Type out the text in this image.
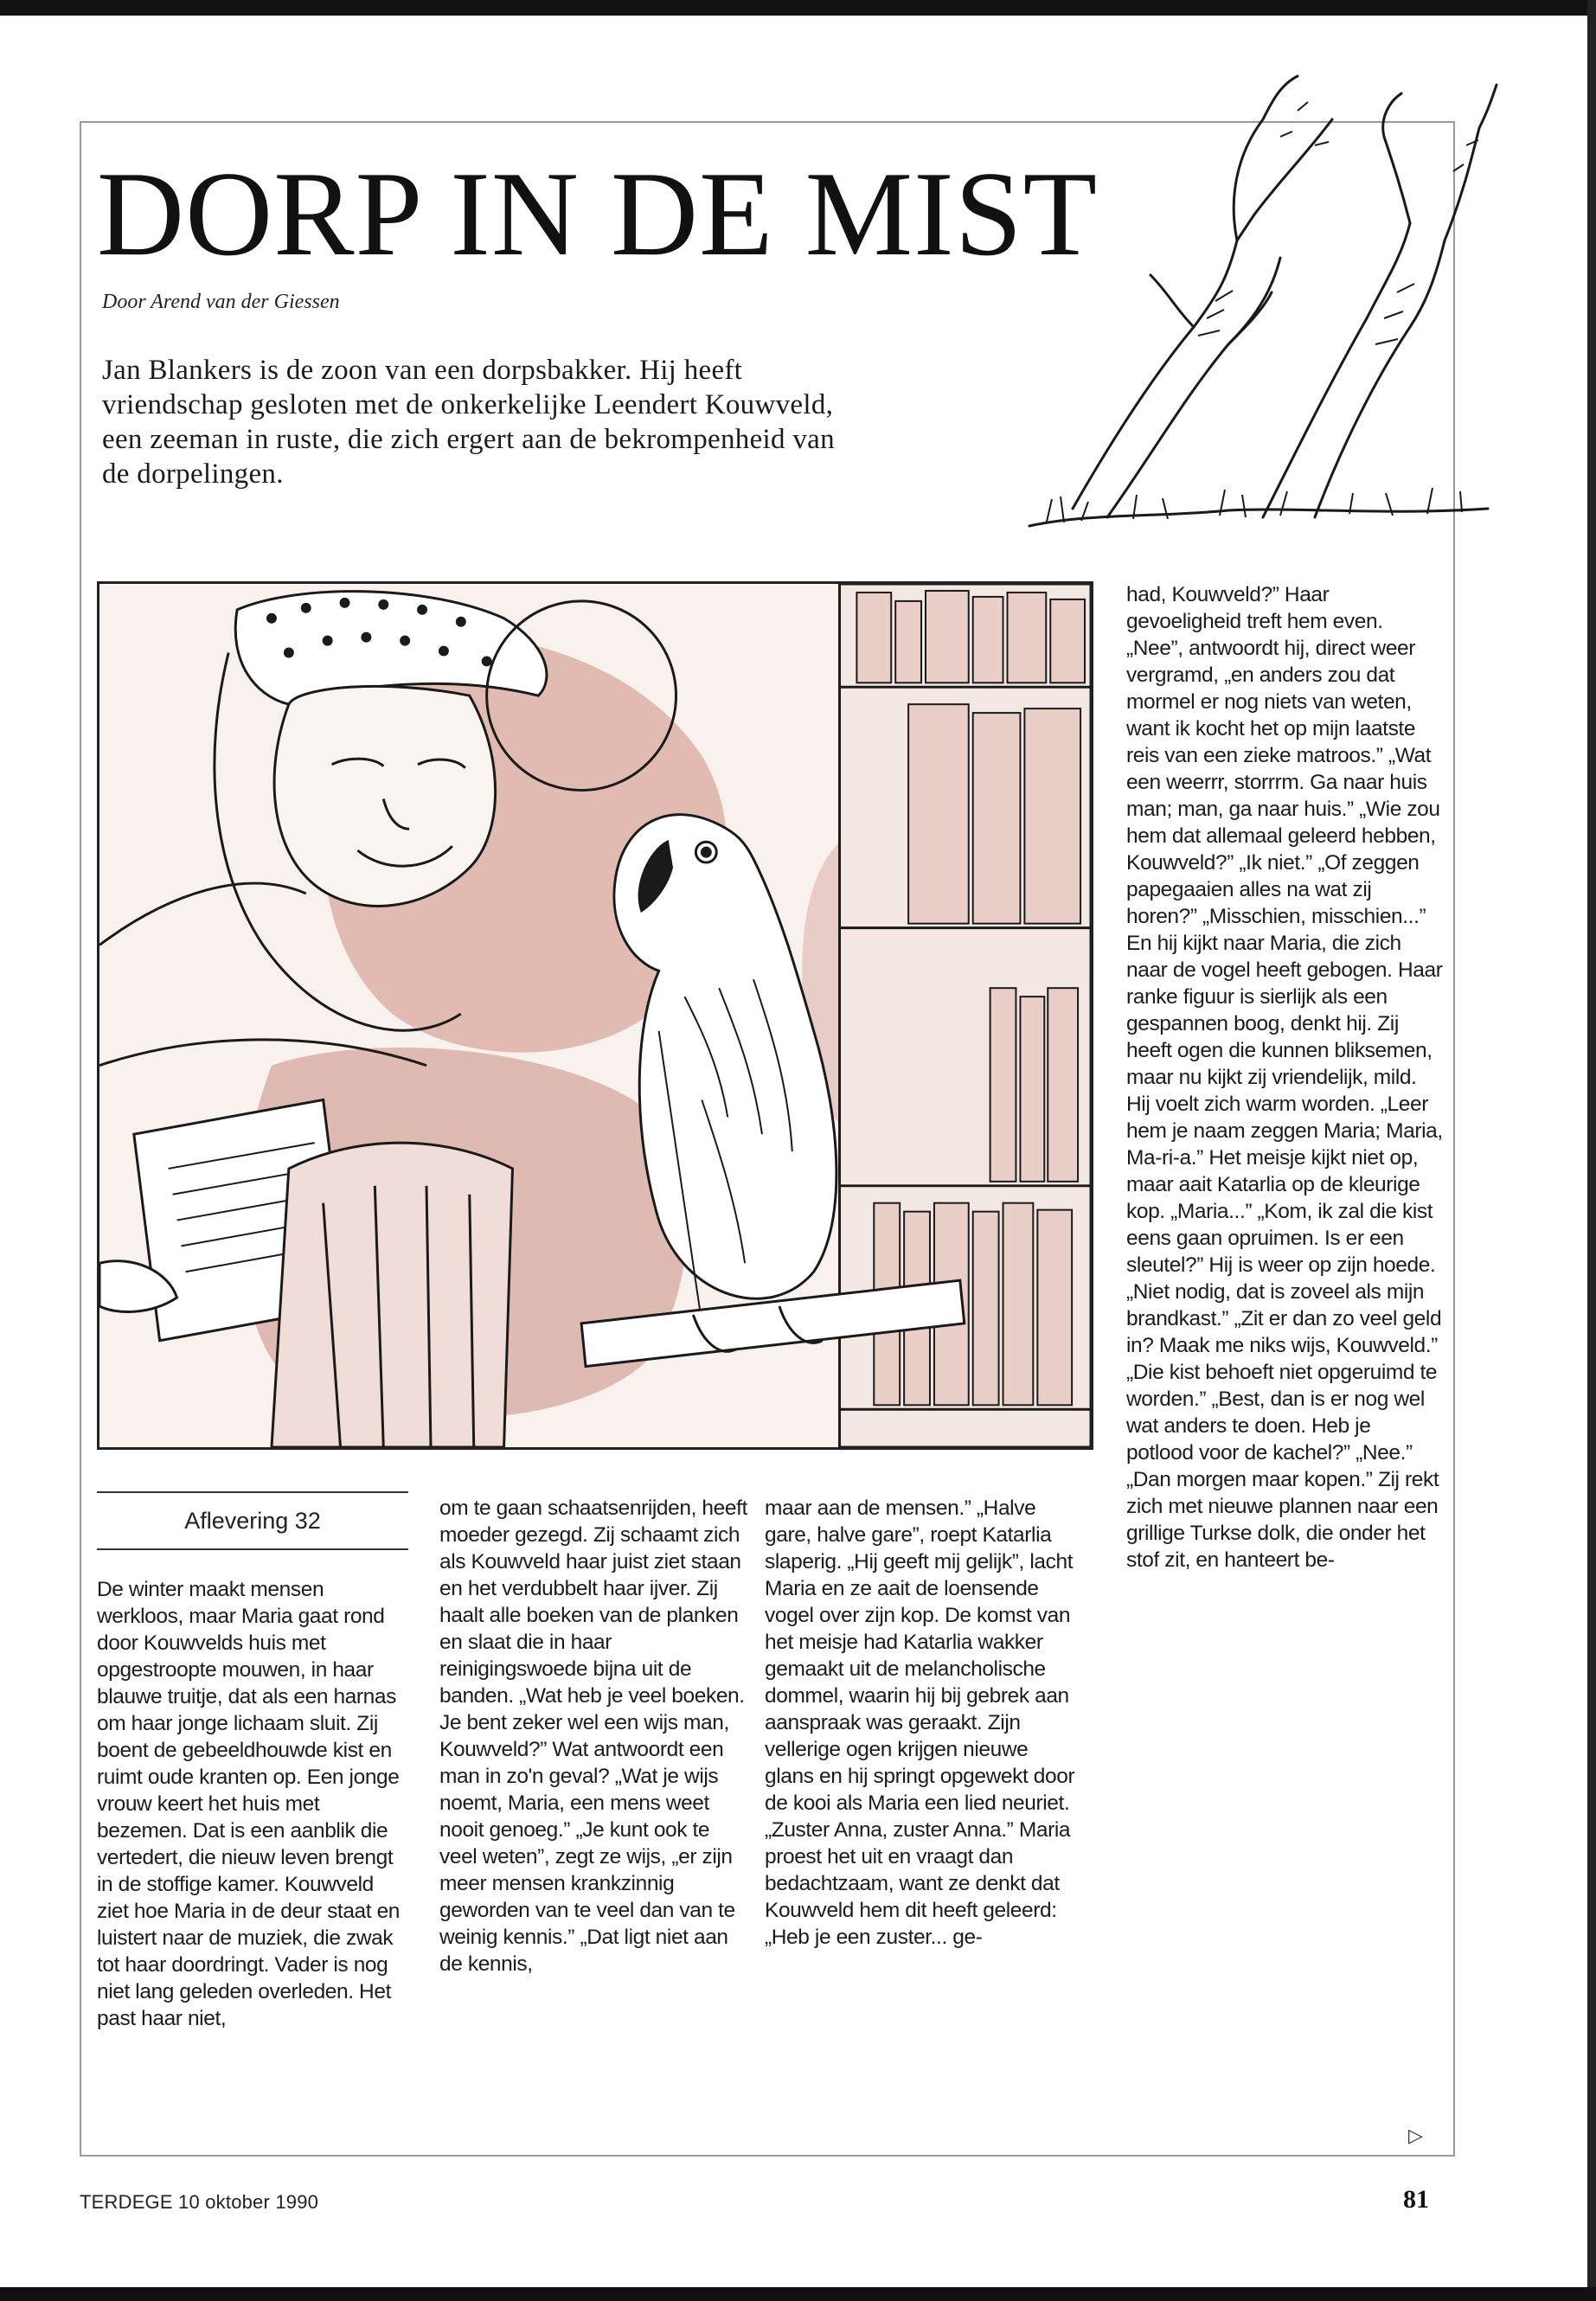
DORP IN DE MIST
Door Arend van der Giessen

Jan Blankers is de zoon van een dorpsbakker. Hij heeft vriendschap gesloten met de onkerkelijke Leendert Kouwveld, een zeeman in ruste, die zich ergert aan de bekrompenheid van de dorpelingen.

Aflevering 32

De winter maakt mensen werkloos, maar Maria gaat rond door Kouwvelds huis met opgestroopte mouwen, in haar blauwe truitje, dat als een harnas om haar jonge lichaam sluit. Zij boent de gebeeldhouwde kist en ruimt oude kranten op. Een jonge vrouw keert het huis met bezemen. Dat is een aanblik die vertedert, die nieuw leven brengt in de stoffige kamer. Kouwveld ziet hoe Maria in de deur staat en luistert naar de muziek, die zwak tot haar doordringt. Vader is nog niet lang geleden overleden. Het past haar niet,

om te gaan schaatsenrijden, heeft moeder gezegd. Zij schaamt zich als Kouwveld haar juist ziet staan en het verdubbelt haar ijver. Zij haalt alle boeken van de planken en slaat die in haar reinigingswoede bijna uit de banden. „Wat heb je veel boeken. Je bent zeker wel een wijs man, Kouwveld?” Wat antwoordt een man in zo'n geval? „Wat je wijs noemt, Maria, een mens weet nooit genoeg.” „Je kunt ook te veel weten”, zegt ze wijs, „er zijn meer mensen krankzinnig geworden van te veel dan van te weinig kennis.” „Dat ligt niet aan de kennis,

maar aan de mensen.” „Halve gare, halve gare”, roept Katarlia slaperig. „Hij geeft mij gelijk”, lacht Maria en ze aait de loensende vogel over zijn kop. De komst van het meisje had Katarlia wakker gemaakt uit de melancholische dommel, waarin hij bij gebrek aan aanspraak was geraakt. Zijn vellerige ogen krijgen nieuwe glans en hij springt opgewekt door de kooi als Maria een lied neuriet. „Zuster Anna, zuster Anna.” Maria proest het uit en vraagt dan bedachtzaam, want ze denkt dat Kouwveld hem dit heeft geleerd: „Heb je een zuster... ge-

had, Kouwveld?” Haar gevoeligheid treft hem even. „Nee”, antwoordt hij, direct weer vergramd, „en anders zou dat mormel er nog niets van weten, want ik kocht het op mijn laatste reis van een zieke matroos.” „Wat een weerrr, storrrm. Ga naar huis man; man, ga naar huis.” „Wie zou hem dat allemaal geleerd hebben, Kouwveld?” „Ik niet.” „Of zeggen papegaaien alles na wat zij horen?” „Misschien, misschien...” En hij kijkt naar Maria, die zich naar de vogel heeft gebogen. Haar ranke figuur is sierlijk als een gespannen boog, denkt hij. Zij heeft ogen die kunnen bliksemen, maar nu kijkt zij vriendelijk, mild. Hij voelt zich warm worden. „Leer hem je naam zeggen Maria; Maria, Ma-ri-a.” Het meisje kijkt niet op, maar aait Katarlia op de kleurige kop. „Maria...” „Kom, ik zal die kist eens gaan opruimen. Is er een sleutel?” Hij is weer op zijn hoede. „Niet nodig, dat is zoveel als mijn brandkast.” „Zit er dan zo veel geld in? Maak me niks wijs, Kouwveld.” „Die kist behoeft niet opgeruimd te worden.” „Best, dan is er nog wel wat anders te doen. Heb je potlood voor de kachel?” „Nee.” „Dan morgen maar kopen.” Zij rekt zich met nieuwe plannen naar een grillige Turkse dolk, die onder het stof zit, en hanteert be-

▷
TERDEGE 10 oktober 1990	81
